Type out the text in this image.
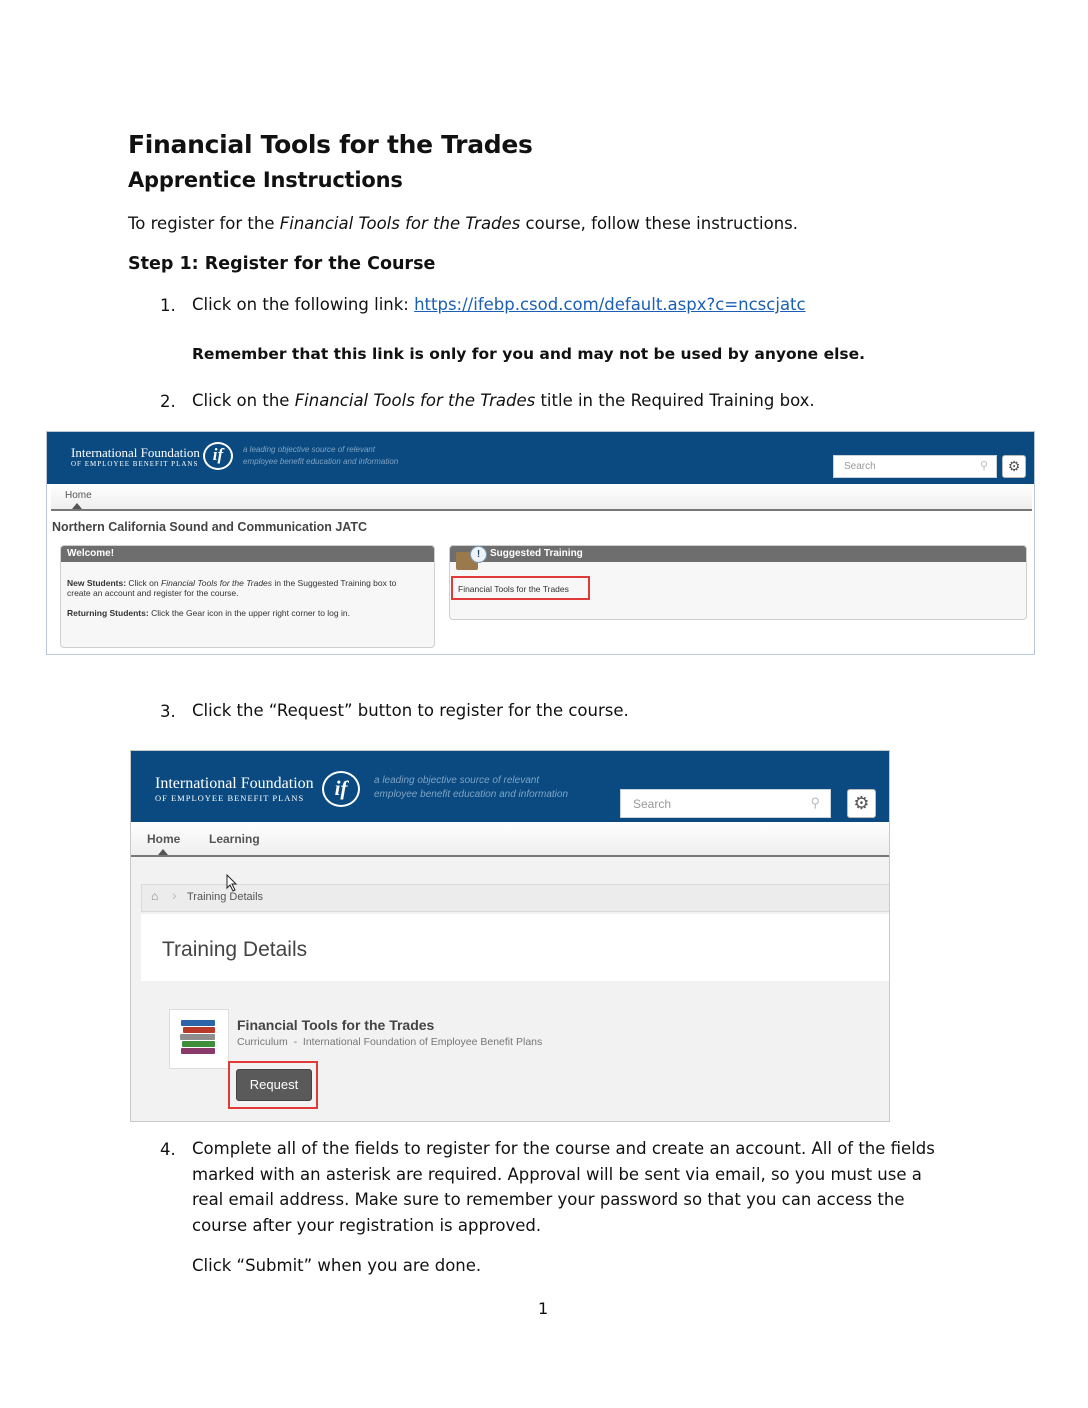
Financial Tools for the Trades
Apprentice Instructions
To register for the Financial Tools for the Trades course, follow these instructions.
Step 1: Register for the Course
1. Click on the following link: https://ifebp.csod.com/default.aspx?c=ncscjatc
Remember that this link is only for you and may not be used by anyone else.
2. Click on the Financial Tools for the Trades title in the Required Training box.
International Foundation
OF EMPLOYEE BENEFIT PLANS if	a leading objective source of relevant
employee benefit education and information	Search	⚲	⚙
Home
Northern California Sound and Communication JATC
Welcome!
New Students: Click on Financial Tools for the Trades in the Suggested Training box to create an account and register for the course.
Returning Students: Click the Gear icon in the upper right corner to log in.
Suggested Training
!
Financial Tools for the Trades
3. Click the “Request” button to register for the course.
International Foundation
OF EMPLOYEE BENEFIT PLANS	if	a leading objective source of relevant
employee benefit education and information
Search	⚲	⚙
Home Learning
⌂ › Training Details
Training Details
Financial Tools for the Trades
Curriculum  -  International Foundation of Employee Benefit Plans
Request
4. Complete all of the fields to register for the course and create an account. All of the fields marked with an asterisk are required. Approval will be sent via email, so you must use a real email address. Make sure to remember your password so that you can access the course after your registration is approved.
Click “Submit” when you are done.
1
